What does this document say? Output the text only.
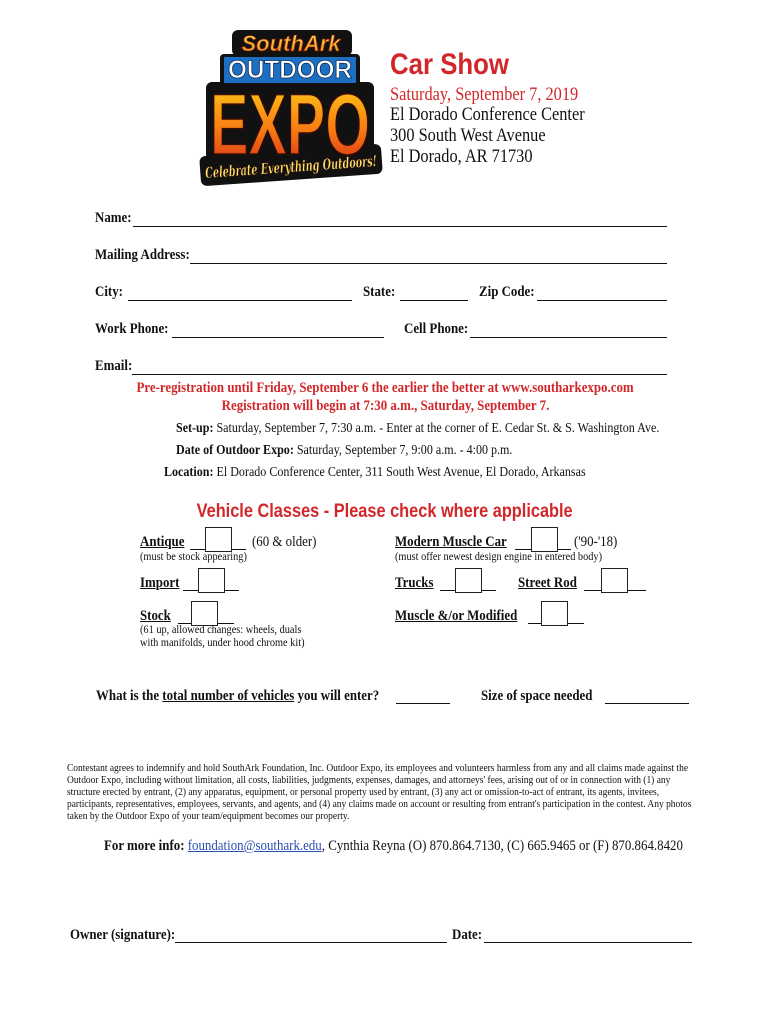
SouthArk
OUTDOOR
EXPO
Celebrate Everything
Car Show
Saturday, September 7, 2019
El Dorado Conference Center
300 South West Avenue
El Dorado, AR 71730
Name:
Mailing Address:
City:	State:	Zip Code:
Work Phone:	Cell Phone:
Email:
Pre-registration until Friday, September 6 the earlier the better at www.southarkexpo.com
Registration will begin at 7:30 a.m., Saturday, September 7.
Set-up: Saturday, September 7, 7:30 a.m. - Enter at the corner of E. Cedar St. & S. Washington Ave.
Date of Outdoor Expo: Saturday, September 7, 9:00 a.m. - 4:00 p.m.
Location: El Dorado Conference Center, 311 South West Avenue, El Dorado, Arkansas
Vehicle Classes - Please check where applicable
Antique	(60 & older)
(must be stock appearing)
Modern Muscle Car	('90-'18)
(must offer newest design engine in entered body)
Import	Trucks	Street Rod
Stock
(61 up, allowed changes: wheels, duals
with manifolds, under hood chrome kit)
Muscle &/or Modified
What is the total number of vehicles you will enter?	Size of space needed
Contestant agrees to indemnify and hold SouthArk Foundation, Inc. Outdoor Expo, its employees and volunteers harmless from any and all claims made against the Outdoor Expo, including without limitation, all costs, liabilities, judgments, expenses, damages, and attorneys' fees, arising out of or in connection with (1) any structure erected by entrant, (2) any apparatus, equipment, or personal property used by entrant, (3) any act or omission-to-act of entrant, its agents, invitees, participants, representatives, employees, servants, and agents, and (4) any claims made on account or resulting from entrant's participation in the contest. Any photos taken by the Outdoor Expo of your team/equipment becomes our property.
For more info: foundation@southark.edu, Cynthia Reyna (O) 870.864.7130, (C) 665.9465 or (F) 870.864.8420
Owner (signature):	Date:
